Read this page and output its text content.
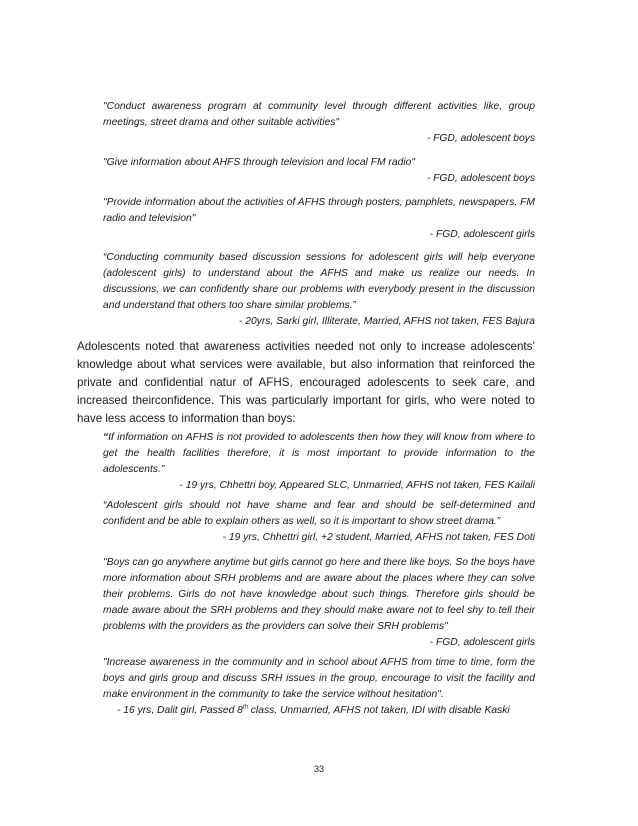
"Conduct awareness program at community level through different activities like, group meetings, street drama and other suitable activities"
- FGD, adolescent boys
"Give information about AHFS through television and local FM radio"
- FGD, adolescent boys
"Provide information about the activities of AFHS through posters, pamphlets, newspapers, FM radio and television"
- FGD, adolescent girls
“Conducting community based discussion sessions for adolescent girls will help everyone (adolescent girls) to understand about the AFHS and make us realize our needs. In discussions, we can confidently share our problems with everybody present in the discussion and understand that others too share similar problems.”
- 20yrs, Sarki girl, Illiterate, Married, AFHS not taken, FES Bajura

Adolescents noted that awareness activities needed not only to increase adolescents’ knowledge about what services were available, but also information that reinforced the private and confidential natur of AFHS, encouraged adolescents to seek care, and increased theirconfidence. This was particularly important for girls, who were noted to have less access to information than boys:

“If information on AFHS is not provided to adolescents then how they will know from where to get the health facilities therefore, it is most important to provide information to the adolescents.”
- 19 yrs, Chhettri boy, Appeared SLC, Unmarried, AFHS not taken, FES Kailali
“Adolescent girls should not have shame and fear and should be self-determined and confident and be able to explain others as well, so it is important to show street drama.”
- 19 yrs, Chhettri girl, +2 student, Married, AFHS not taken, FES Doti
"Boys can go anywhere anytime but girls cannot go here and there like boys. So the boys have more information about SRH problems and are aware about the places where they can solve their problems. Girls do not have knowledge about such things. Therefore girls should be made aware about the SRH problems and they should make aware not to feel shy to tell their problems with the providers as the providers can solve their SRH problems"
- FGD, adolescent girls
"Increase awareness in the community and in school about AFHS from time to time, form the boys and girls group and discuss SRH issues in the group, encourage to visit the facility and make environment in the community to take the service without hesitation".
- 16 yrs, Dalit girl, Passed 8th class, Unmarried, AFHS not taken, IDI with disable Kaski
33
